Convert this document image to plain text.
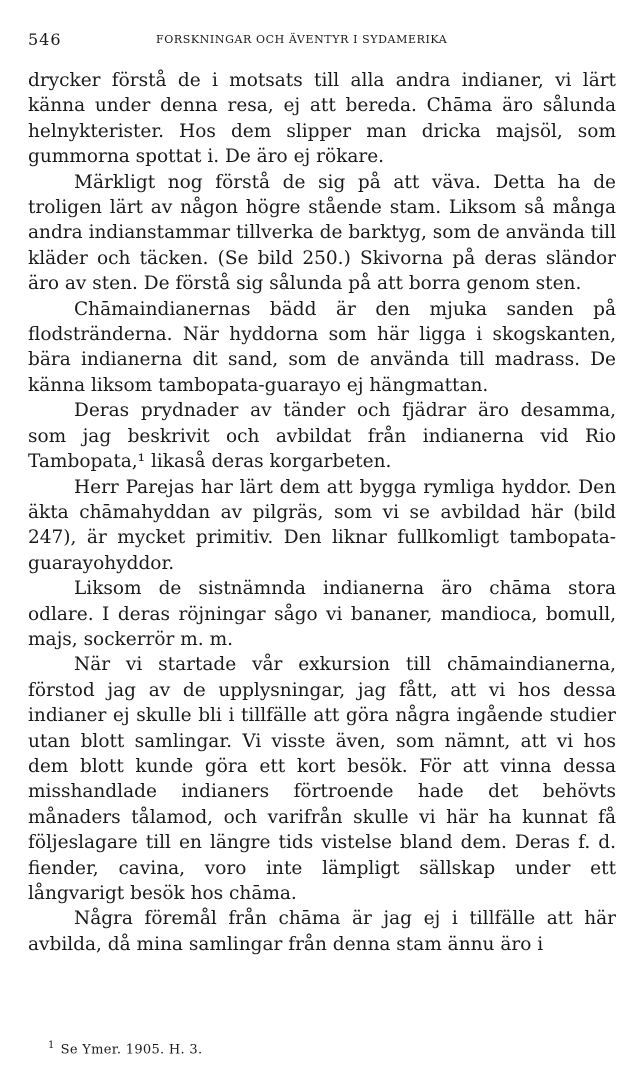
546	FORSKNINGAR OCH ÄVENTYR I SYDAMERIKA

drycker förstå de i motsats till alla andra indianer, vi lärt känna under denna resa, ej att bereda. Chāma äro sålunda helnykterister. Hos dem slipper man dricka majsöl, som gummorna spottat i. De äro ej rökare.

Märkligt nog förstå de sig på att väva. Detta ha de troligen lärt av någon högre stående stam. Liksom så många andra indianstammar tillverka de barktyg, som de använda till kläder och täcken. (Se bild 250.) Skivorna på deras sländor äro av sten. De förstå sig sålunda på att borra genom sten.

Chāmaindianernas bädd är den mjuka sanden på flodstränderna. När hyddorna som här ligga i skogskanten, bära indianerna dit sand, som de använda till madrass. De känna liksom tambopata-guarayo ej hängmattan.

Deras prydnader av tänder och fjädrar äro desamma, som jag beskrivit och avbildat från indianerna vid Rio Tambopata,¹ likaså deras korgarbeten.

Herr Parejas har lärt dem att bygga rymliga hyddor. Den äkta chāmahyddan av pilgräs, som vi se avbildad här (bild 247), är mycket primitiv. Den liknar fullkomligt tambopata-guarayohyddor.

Liksom de sistnämnda indianerna äro chāma stora odlare. I deras röjningar sågo vi bananer, mandioca, bomull, majs, sockerrör m. m.

När vi startade vår exkursion till chāmaindianerna, förstod jag av de upplysningar, jag fått, att vi hos dessa indianer ej skulle bli i tillfälle att göra några ingående studier utan blott samlingar. Vi visste även, som nämnt, att vi hos dem blott kunde göra ett kort besök. För att vinna dessa misshandlade indianers förtroende hade det behövts månaders tålamod, och varifrån skulle vi här ha kunnat få följeslagare till en längre tids vistelse bland dem. Deras f. d. fiender, cavina, voro inte lämpligt sällskap under ett långvarigt besök hos chāma.

Några föremål från chāma är jag ej i tillfälle att här avbilda, då mina samlingar från denna stam ännu äro i

$^1$ Se Ymer. 1905. H. 3.
